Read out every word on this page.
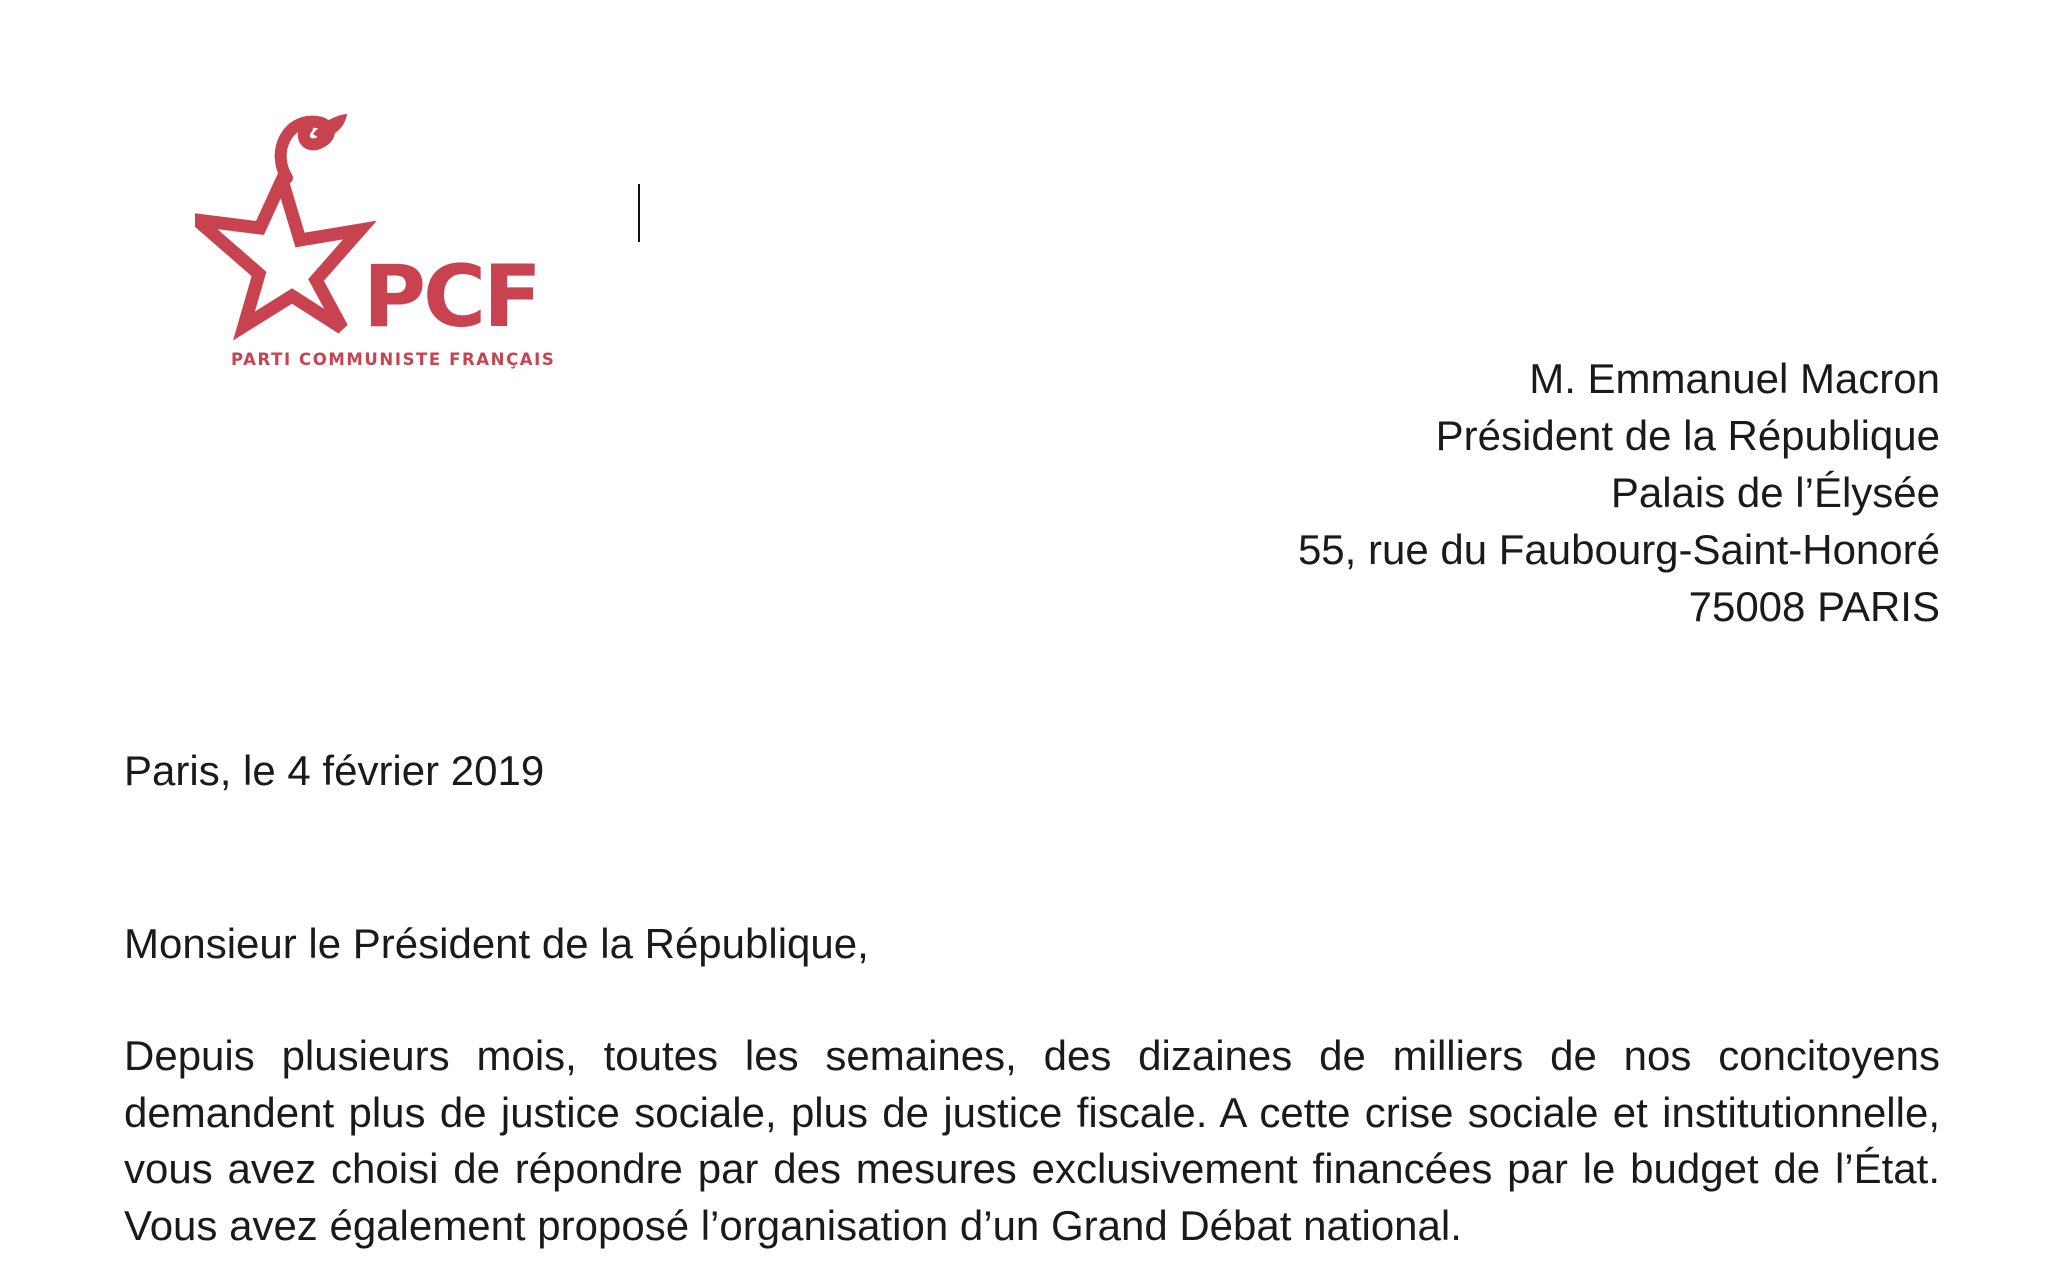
PCF
PARTI COMMUNISTE FRANÇAIS	M. Emmanuel Macron
Président de la République
Palais de l’Élysée
55, rue du Faubourg-Saint-Honoré
75008 PARIS
Paris, le 4 février 2019
Monsieur le Président de la République,
Depuis plusieurs mois, toutes les semaines, des dizaines de milliers de nos concitoyens
demandent plus de justice sociale, plus de justice fiscale. A cette crise sociale et institutionnelle,
vous avez choisi de répondre par des mesures exclusivement financées par le budget de l’État.
Vous avez également proposé l’organisation d’un Grand Débat national.
